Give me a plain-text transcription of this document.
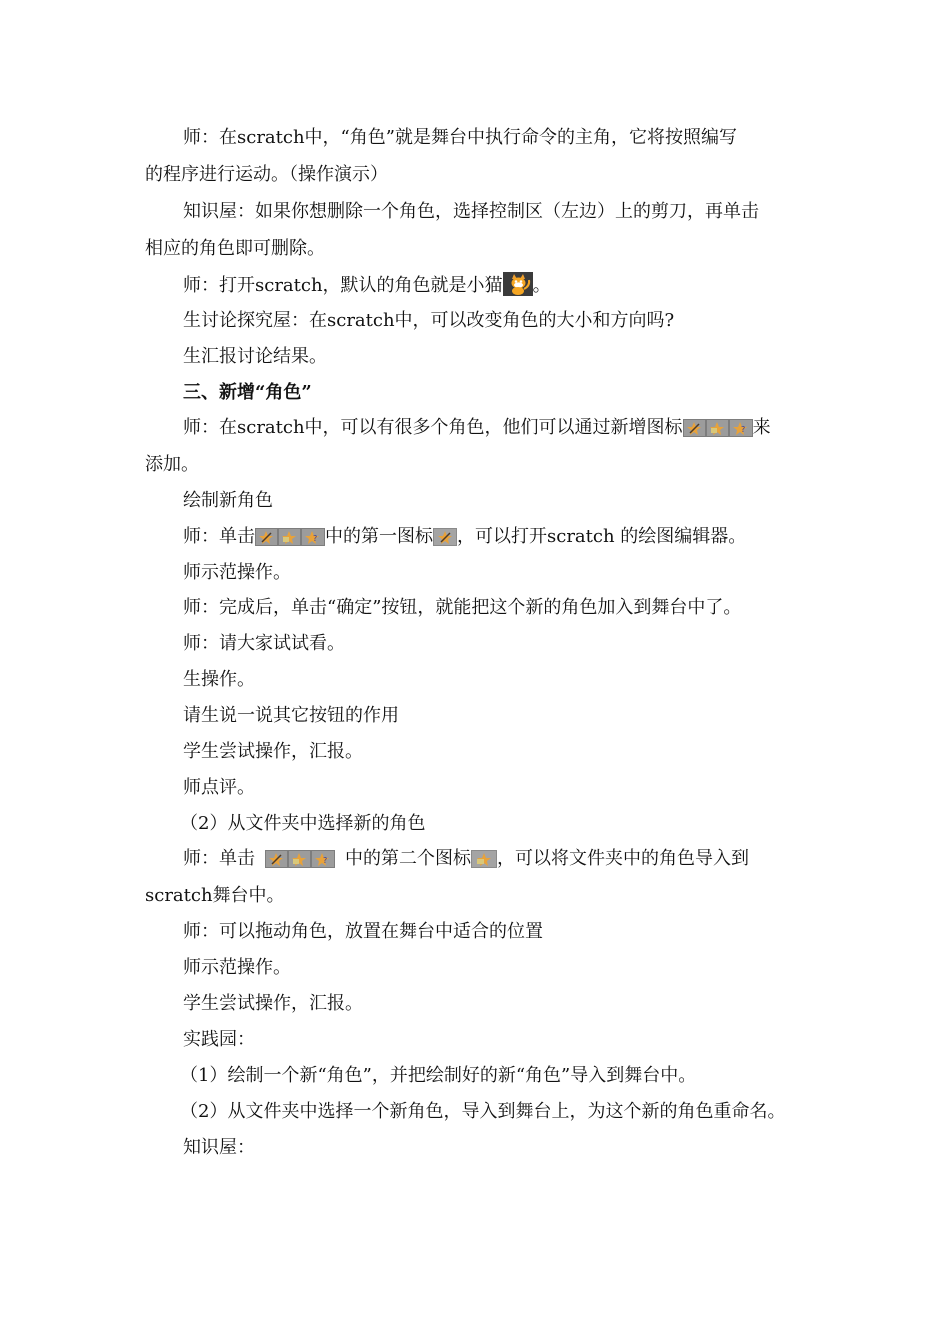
师：在scratch中，“角色”就是舞台中执行命令的主角，它将按照编写
的程序进行运动。（操作演示）
知识屋：如果你想删除一个角色，选择控制区（左边）上的剪刀，再单击
相应的角色即可删除。
师：打开scratch，默认的角色就是小猫 。
生讨论探究屋：在scratch中，可以改变角色的大小和方向吗?
生汇报讨论结果。
三、新增“角色”
师：在scratch中，可以有很多个角色，他们可以通过新增图标	? 来
添加。
绘制新角色
师：单击	? 中的第一图标 ，可以打开scratch 的绘图编辑器。
师示范操作。
师：完成后，单击“确定”按钮，就能把这个新的角色加入到舞台中了。
师：请大家试试看。
生操作。
请生说一说其它按钮的作用
学生尝试操作，汇报。
师点评。
（2）从文件夹中选择新的角色
师：单击	? 中的第二个图标 ，可以将文件夹中的角色导入到
scratch舞台中。
师：可以拖动角色，放置在舞台中适合的位置
师示范操作。
学生尝试操作，汇报。
实践园：
（1）绘制一个新“角色”，并把绘制好的新“角色”导入到舞台中。
（2）从文件夹中选择一个新角色，导入到舞台上，为这个新的角色重命名。
知识屋：
